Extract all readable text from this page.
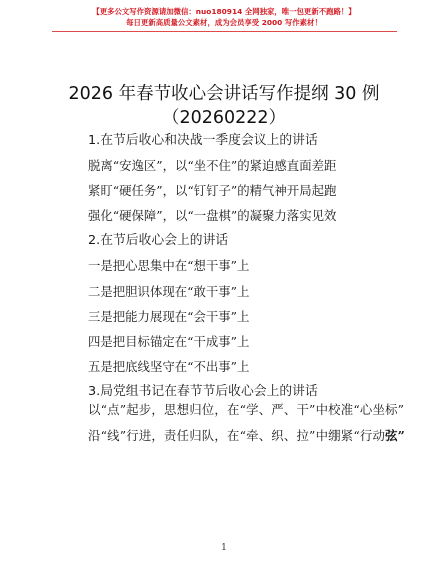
【更多公文写作资源请加微信：nuo180914 全网独家，唯一包更新不跑路！】
每日更新高质量公文素材，成为会员享受 2000 写作素材！
2026 年春节收心会讲话写作提纲 30 例
（20260222）
1.在节后收心和决战一季度会议上的讲话
脱离“安逸区”，以“坐不住”的紧迫感直面差距
紧盯“硬任务”，以“钉钉子”的精气神开局起跑
强化“硬保障”，以“一盘棋”的凝聚力落实见效
2.在节后收心会上的讲话
一是把心思集中在“想干事”上
二是把胆识体现在“敢干事”上
三是把能力展现在“会干事”上
四是把目标锚定在“干成事”上
五是把底线坚守在“不出事”上
3.局党组书记在春节节后收心会上的讲话
以“点”起步，思想归位，在“学、严、干”中校准“心坐标”
沿“线”行进，责任归队，在“牵、织、拉”中绷紧“行动弦”
1
